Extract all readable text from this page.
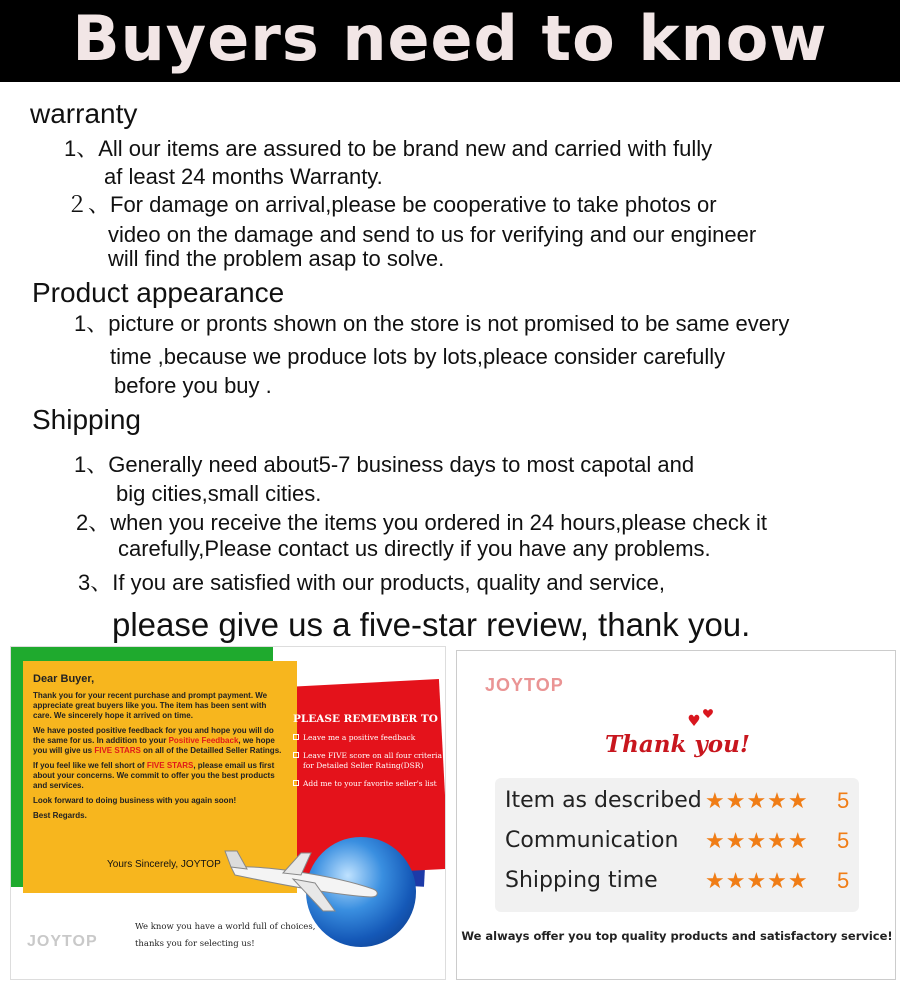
Buyers need to know
warranty
1、All our items are assured to be brand new and carried with fully
af least 24 months Warranty.
２、For damage on arrival,please be cooperative to take photos or
video on the damage and send to us for verifying and our engineer
will find the problem asap to solve.
Product appearance
1、picture or pronts shown on the store is not promised to be same every
time ,because we produce lots by lots,pleace consider carefully
before you buy .
Shipping
1、Generally need about5-7 business days to most capotal and
big cities,small cities.
2、when you receive the items you ordered in 24 hours,please check it
carefully,Please contact us directly if you have any problems.
3、If you are satisfied with our products, quality and service,
please give us a five-star review, thank you.
Dear Buyer,
Thank you for your recent purchase and prompt payment. We appreciate great buyers like you. The item has been sent with care. We sincerely hope it arrived on time.
We have posted positive feedback for you and hope you will do the same for us. In addition to your Positive Feedback, we hope you will give us FIVE STARS on all of the Detailled Seller Ratings.
If you feel like we fell short of FIVE STARS, please email us first about your concerns. We commit to offer you the best products and services.
Look forward to doing business with you again soon!
Best Regards.
Yours Sincerely, JOYTOP
PLEASE REMEMBER TO
Leave me a positive feedback
Leave FIVE score on all four criteria for Detailed Seller Rating(DSR)
Add me to your favorite seller's list
JOYTOP
We know you have a world full of choices, thanks you for selecting us!
JOYTOP
Thank you!
Item as described ★★★★★ 5
Communication ★★★★★ 5
Shipping time ★★★★★ 5
We always offer you top quality products and satisfactory service!
